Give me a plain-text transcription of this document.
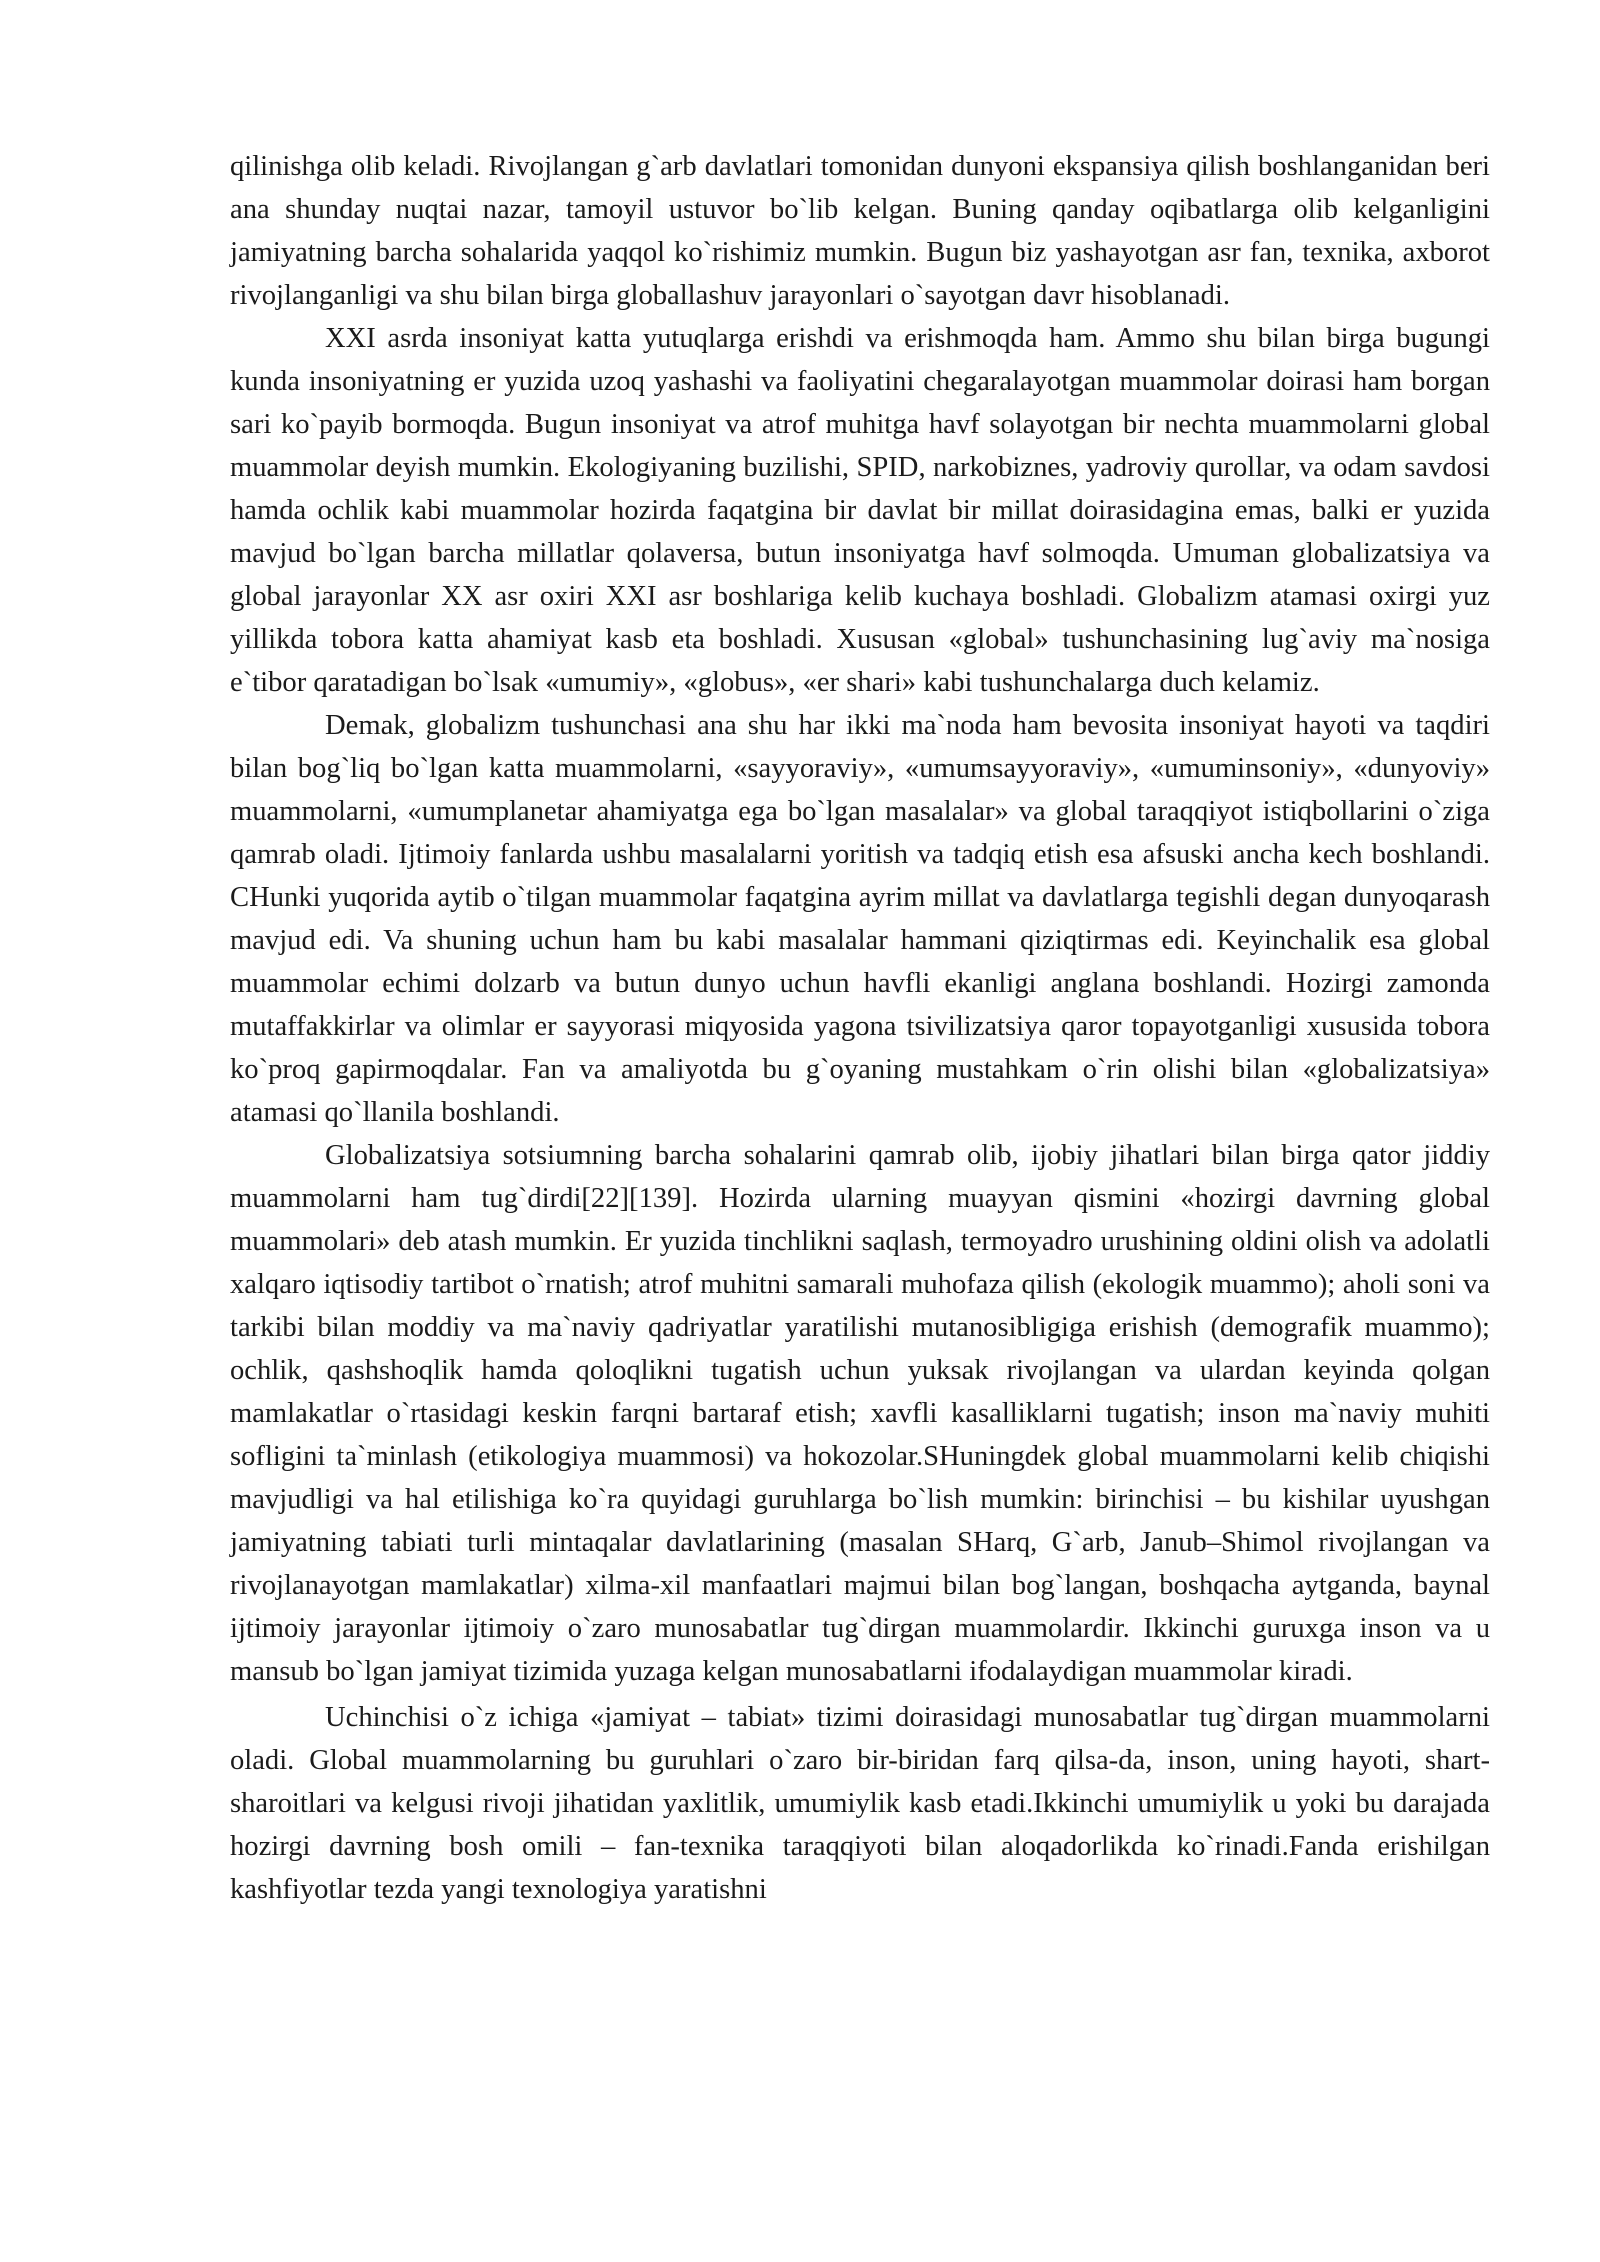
qilinishga olib keladi. Rivojlangan g`arb davlatlari tomonidan dunyoni ekspansiya qilish boshlanganidan beri ana shunday nuqtai nazar, tamoyil ustuvor bo`lib kelgan. Buning qanday oqibatlarga olib kelganligini jamiyatning barcha sohalarida yaqqol ko`rishimiz mumkin. Bugun biz yashayotgan asr fan, texnika, axborot rivojlanganligi va shu bilan birga globallashuv jarayonlari o`sayotgan davr hisoblanadi.

XXI asrda insoniyat katta yutuqlarga erishdi va erishmoqda ham. Ammo shu bilan birga bugungi kunda insoniyatning er yuzida uzoq yashashi va faoliyatini chegaralayotgan muammolar doirasi ham borgan sari ko`payib bormoqda. Bugun insoniyat va atrof muhitga havf solayotgan bir nechta muammolarni global muammolar deyish mumkin. Ekologiyaning buzilishi, SPID, narkobiznes, yadroviy qurollar, va odam savdosi hamda ochlik kabi muammolar hozirda faqatgina bir davlat bir millat doirasidagina emas, balki er yuzida mavjud bo`lgan barcha millatlar qolaversa, butun insoniyatga havf solmoqda. Umuman globalizatsiya va global jarayonlar XX asr oxiri XXI asr boshlariga kelib kuchaya boshladi. Globalizm atamasi oxirgi yuz yillikda tobora katta ahamiyat kasb eta boshladi. Xususan «global» tushunchasining lug`aviy ma`nosiga e`tibor qaratadigan bo`lsak «umumiy», «globus», «er shari» kabi tushunchalarga duch kelamiz.

Demak, globalizm tushunchasi ana shu har ikki ma`noda ham bevosita insoniyat hayoti va taqdiri bilan bog`liq bo`lgan katta muammolarni, «sayyoraviy», «umumsayyoraviy», «umuminsoniy», «dunyoviy» muammolarni, «umumplanetar ahamiyatga ega bo`lgan masalalar» va global taraqqiyot istiqbollarini o`ziga qamrab oladi. Ijtimoiy fanlarda ushbu masalalarni yoritish va tadqiq etish esa afsuski ancha kech boshlandi. CHunki yuqorida aytib o`tilgan muammolar faqatgina ayrim millat va davlatlarga tegishli degan dunyoqarash mavjud edi. Va shuning uchun ham bu kabi masalalar hammani qiziqtirmas edi. Keyinchalik esa global muammolar echimi dolzarb va butun dunyo uchun havfli ekanligi anglana boshlandi. Hozirgi zamonda mutaffakkirlar va olimlar er sayyorasi miqyosida yagona tsivilizatsiya qaror topayotganligi xususida tobora ko`proq gapirmoqdalar. Fan va amaliyotda bu g`oyaning mustahkam o`rin olishi bilan «globalizatsiya» atamasi qo`llanila boshlandi.

Globalizatsiya sotsiumning barcha sohalarini qamrab olib, ijobiy jihatlari bilan birga qator jiddiy muammolarni ham tug`dirdi[22][139]. Hozirda ularning muayyan qismini «hozirgi davrning global muammolari» deb atash mumkin. Er yuzida tinchlikni saqlash, termoyadro urushining oldini olish va adolatli xalqaro iqtisodiy tartibot o`rnatish; atrof muhitni samarali muhofaza qilish (ekologik muammo); aholi soni va tarkibi bilan moddiy va ma`naviy qadriyatlar yaratilishi mutanosibligiga erishish (demografik muammo); ochlik, qashshoqlik hamda qoloqlikni tugatish uchun yuksak rivojlangan va ulardan keyinda qolgan mamlakatlar o`rtasidagi keskin farqni bartaraf etish; xavfli kasalliklarni tugatish; inson ma`naviy muhiti sofligini ta`minlash (etikologiya muammosi) va hokozolar.SHuningdek global muammolarni kelib chiqishi mavjudligi va hal etilishiga ko`ra quyidagi guruhlarga bo`lish mumkin: birinchisi – bu kishilar uyushgan jamiyatning tabiati turli mintaqalar davlatlarining (masalan SHarq, G`arb, Janub–Shimol rivojlangan va rivojlanayotgan mamlakatlar) xilma-xil manfaatlari majmui bilan bog`langan, boshqacha aytganda, baynal ijtimoiy jarayonlar ijtimoiy o`zaro munosabatlar tug`dirgan muammolardir. Ikkinchi guruxga inson va u mansub bo`lgan jamiyat tizimida yuzaga kelgan munosabatlarni ifodalaydigan muammolar kiradi.

Uchinchisi o`z ichiga «jamiyat – tabiat» tizimi doirasidagi munosabatlar tug`dirgan muammolarni oladi. Global muammolarning bu guruhlari o`zaro bir-biridan farq qilsa-da, inson, uning hayoti, shart-sharoitlari va kelgusi rivoji jihatidan yaxlitlik, umumiylik kasb etadi.Ikkinchi umumiylik u yoki bu darajada hozirgi davrning bosh omili – fan-texnika taraqqiyoti bilan aloqadorlikda ko`rinadi.Fanda erishilgan kashfiyotlar tezda yangi texnologiya yaratishni
